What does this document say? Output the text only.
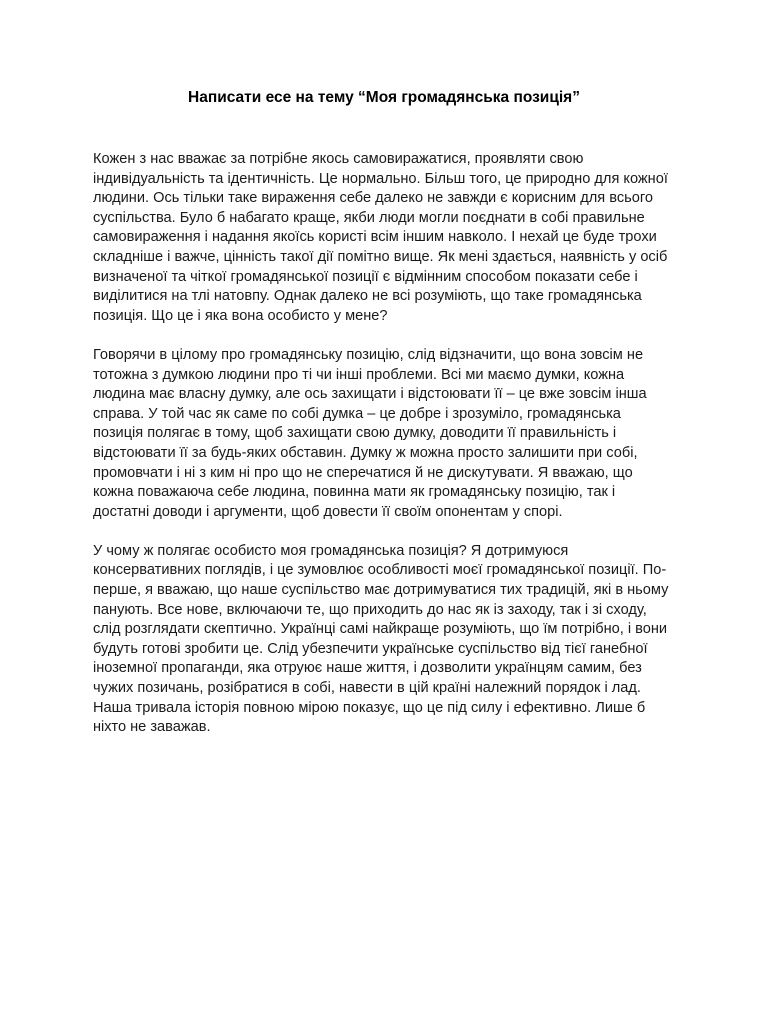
Написати есе на тему “Моя громадянська позиція”

Кожен з нас вважає за потрібне якось самовиражатися, проявляти свою індивідуальність та ідентичність. Це нормально. Більш того, це природно для кожної людини. Ось тільки таке вираження себе далеко не завжди є корисним для всього суспільства. Було б набагато краще, якби люди могли поєднати в собі правильне самовираження і надання якоїсь користі всім іншим навколо. І нехай це буде трохи складніше і важче, цінність такої дії помітно вище. Як мені здається, наявність у осіб визначеної та чіткої громадянської позиції є відмінним способом показати себе і виділитися на тлі натовпу. Однак далеко не всі розуміють, що таке громадянська позиція. Що це і яка вона особисто у мене?

Говорячи в цілому про громадянську позицію, слід відзначити, що вона зовсім не тотожна з думкою людини про ті чи інші проблеми. Всі ми маємо думки, кожна людина має власну думку, але ось захищати і відстоювати її – це вже зовсім інша справа. У той час як саме по собі думка – це добре і зрозуміло, громадянська позиція полягає в тому, щоб захищати свою думку, доводити її правильність і відстоювати її за будь-яких обставин. Думку ж можна просто залишити при собі, промовчати і ні з ким ні про що не сперечатися й не дискутувати. Я вважаю, що кожна поважаюча себе людина, повинна мати як громадянську позицію, так і достатні доводи і аргументи, щоб довести її своїм опонентам у спорі.

У чому ж полягає особисто моя громадянська позиція? Я дотримуюся консервативних поглядів, і це зумовлює особливості моєї громадянської позиції. По-перше, я вважаю, що наше суспільство має дотримуватися тих традицій, які в ньому панують. Все нове, включаючи те, що приходить до нас як із заходу, так і зі сходу, слід розглядати скептично. Українці самі найкраще розуміють, що їм потрібно, і вони будуть готові зробити це. Слід убезпечити українське суспільство від тієї ганебної іноземної пропаганди, яка отруює наше життя, і дозволити українцям самим, без чужих позичань, розібратися в собі, навести в цій країні належний порядок і лад. Наша тривала історія повною мірою показує, що це під силу і ефективно. Лише б ніхто не заважав.
